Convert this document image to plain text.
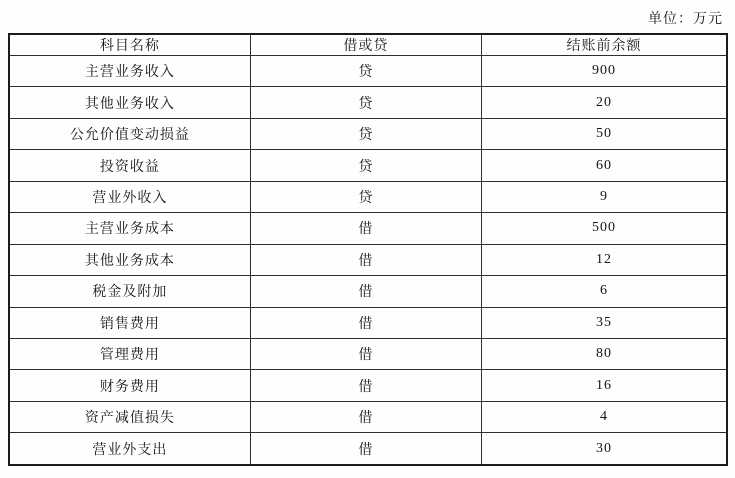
单位：万元
科目名称	借或贷	结账前余额
主营业务收入	贷	900
其他业务收入	贷	20
公允价值变动损益	贷	50
投资收益	贷	60
营业外收入	贷	9
主营业务成本	借	500
其他业务成本	借	12
税金及附加	借	6
销售费用	借	35
管理费用	借	80
财务费用	借	16
资产减值损失	借	4
营业外支出	借	30
